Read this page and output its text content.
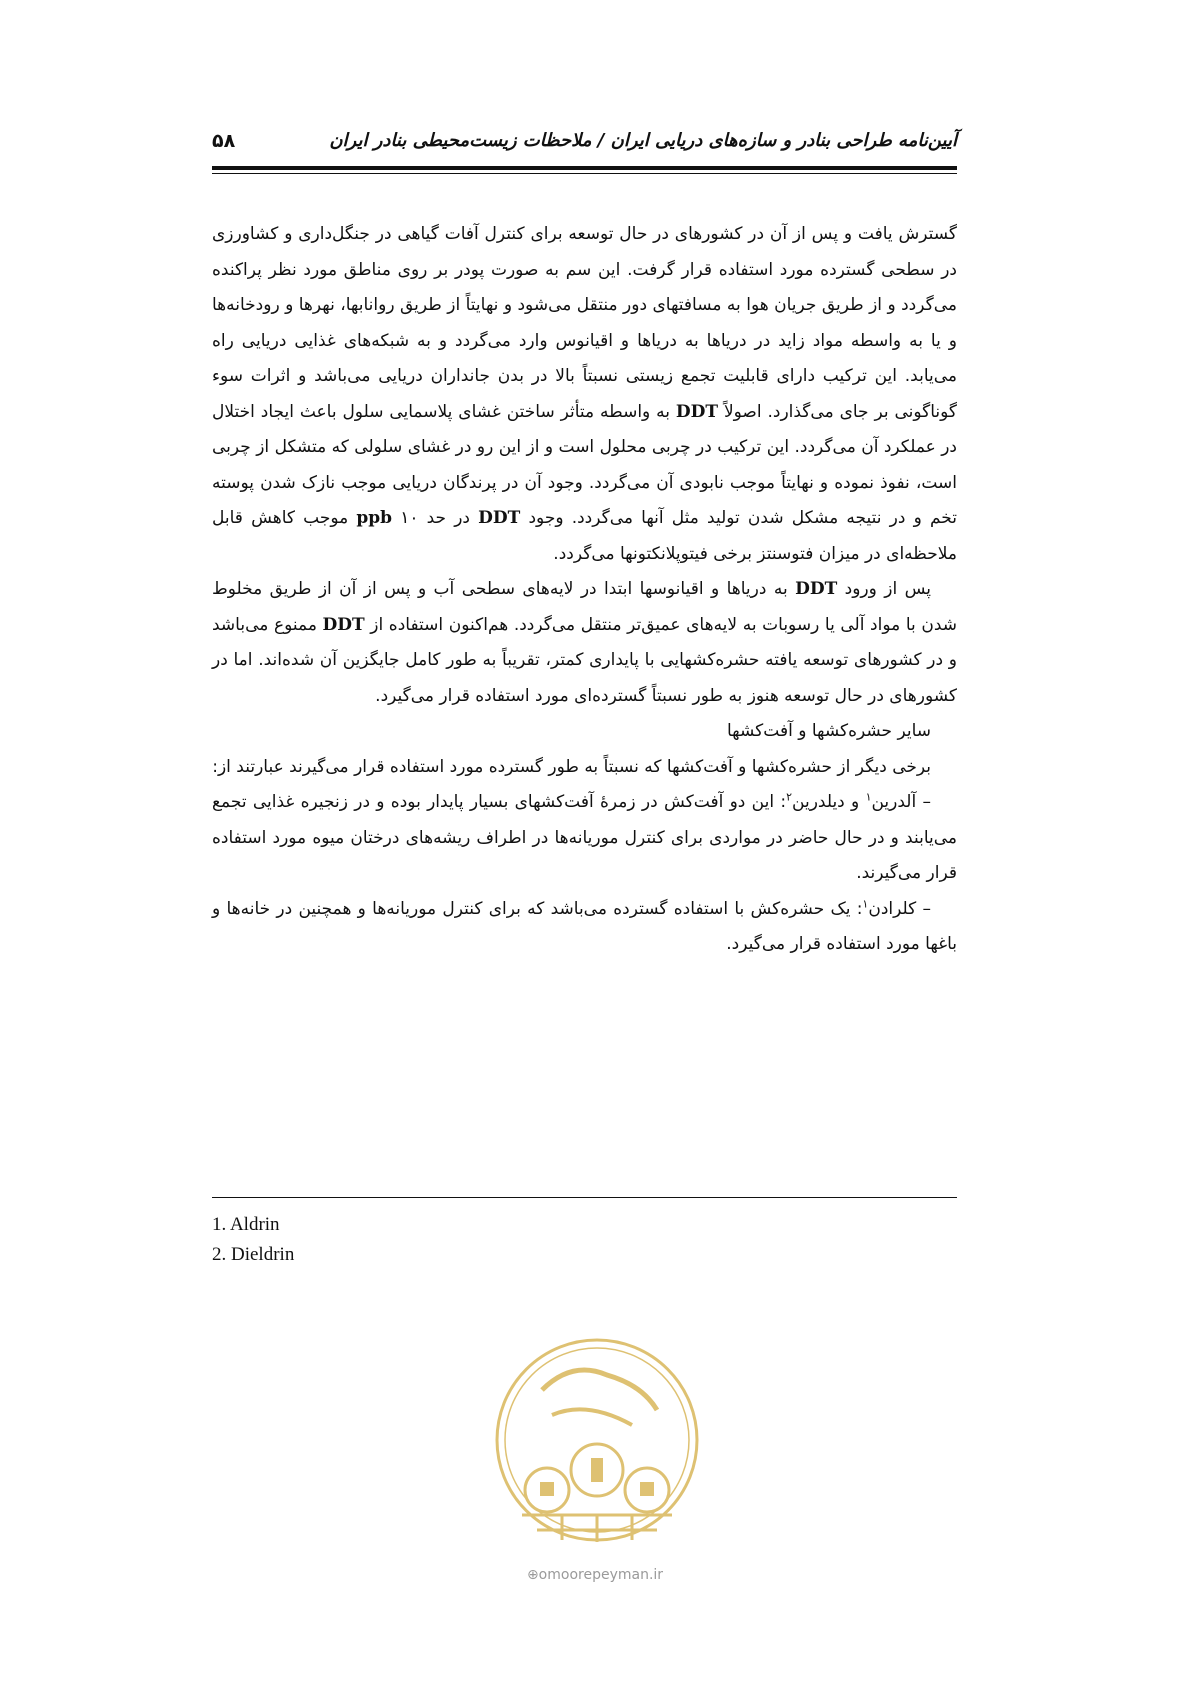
آیین‌نامه طراحی بنادر و سازه‌های دریایی ایران / ملاحظات زیست‌محیطی بنادر ایران
۵۸

گسترش یافت و پس از آن در کشورهای در حال توسعه برای کنترل آفات گیاهی در جنگل‌داری و کشاورزی در سطحی گسترده مورد استفاده قرار گرفت. این سم به صورت پودر بر روی مناطق مورد نظر پراکنده می‌گردد و از طریق جریان هوا به مسافتهای دور منتقل می‌شود و نهایتاً از طریق روانابها، نهرها و رودخانه‌ها و یا به واسطه مواد زاید در دریاها به دریاها و اقیانوس وارد می‌گردد و به شبکه‌های غذایی دریایی راه می‌یابد. این ترکیب دارای قابلیت تجمع زیستی نسبتاً بالا در بدن جانداران دریایی می‌باشد و اثرات سوء گوناگونی بر جای می‌گذارد. اصولاً DDT به واسطه متأثر ساختن غشای پلاسمایی سلول باعث ایجاد اختلال در عملکرد آن می‌گردد. این ترکیب در چربی محلول است و از این رو در غشای سلولی که متشکل از چربی است، نفوذ نموده و نهایتاً موجب نابودی آن می‌گردد. وجود آن در پرندگان دریایی موجب نازک شدن پوسته تخم و در نتیجه مشکل شدن تولید مثل آنها می‌گردد. وجود DDT در حد ۱۰ ppb موجب کاهش قابل ملاحظه‌ای در میزان فتوسنتز برخی فیتوپلانکتونها می‌گردد.

پس از ورود DDT به دریاها و اقیانوسها ابتدا در لایه‌های سطحی آب و پس از آن از طریق مخلوط شدن با مواد آلی یا رسوبات به لایه‌های عمیق‌تر منتقل می‌گردد. هم‌اکنون استفاده از DDT ممنوع می‌باشد و در کشورهای توسعه یافته حشره‌کشهایی با پایداری کمتر، تقریباً به طور کامل جایگزین آن شده‌اند. اما در کشورهای در حال توسعه هنوز به طور نسبتاً گسترده‌ای مورد استفاده قرار می‌گیرد.

سایر حشره‌کشها و آفت‌کشها

برخی دیگر از حشره‌کشها و آفت‌کشها که نسبتاً به طور گسترده مورد استفاده قرار می‌گیرند عبارتند از:

– آلدرین$^۱$ و دیلدرین$^۲$: این دو آفت‌کش در زمرهٔ آفت‌کشهای بسیار پایدار بوده و در زنجیره غذایی تجمع می‌یابند و در حال حاضر در مواردی برای کنترل موریانه‌ها در اطراف ریشه‌های درختان میوه مورد استفاده قرار می‌گیرند.

– کلرادن$^۱$: یک حشره‌کش با استفاده گسترده می‌باشد که برای کنترل موریانه‌ها و همچنین در خانه‌ها و باغها مورد استفاده قرار می‌گیرد.

1. Aldrin
2. Dieldrin
⊕omoorepeyman.ir
